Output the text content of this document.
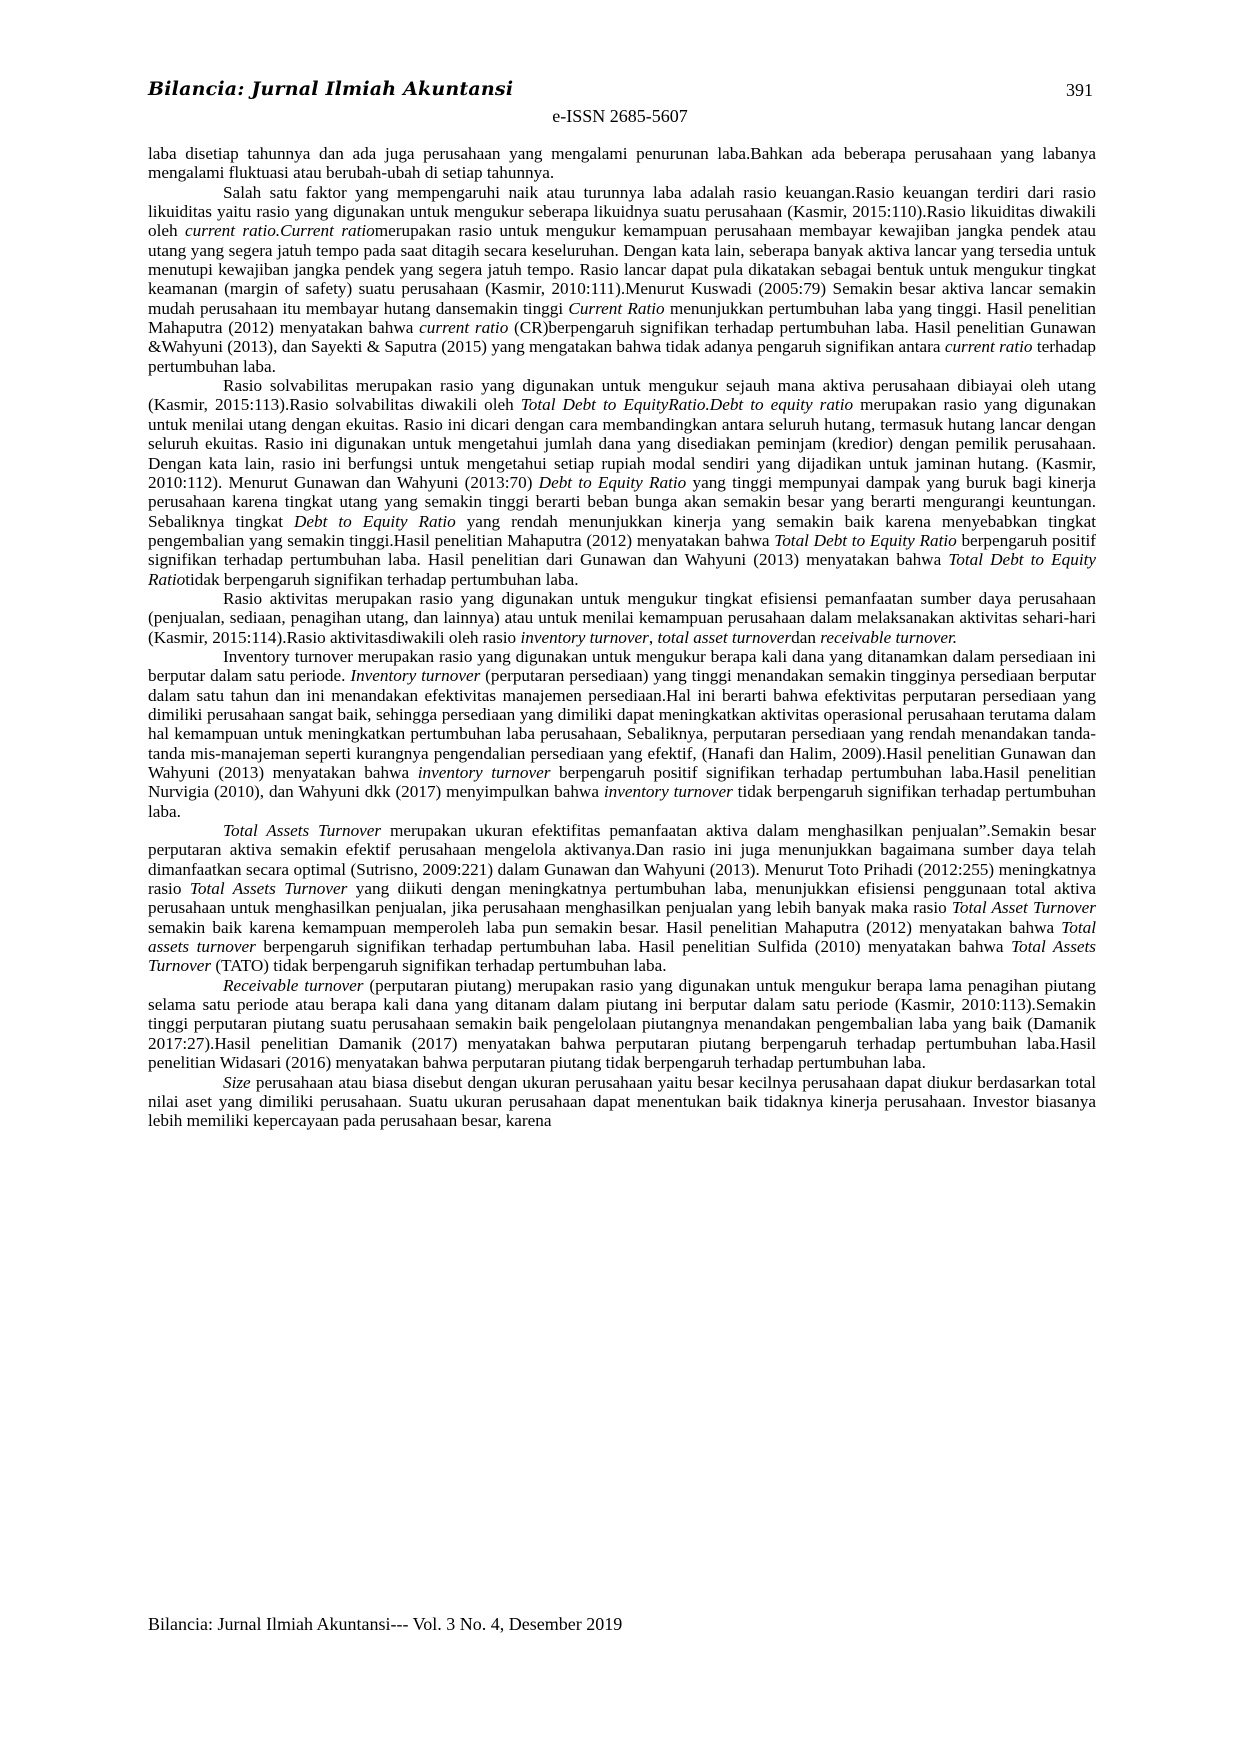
Bilancia: Jurnal Ilmiah Akuntansi	391
e-ISSN 2685-5607

laba disetiap tahunnya dan ada juga perusahaan yang mengalami penurunan laba.Bahkan ada beberapa perusahaan yang labanya mengalami fluktuasi atau berubah-ubah di setiap tahunnya.

Salah satu faktor yang mempengaruhi naik atau turunnya laba adalah rasio keuangan.Rasio keuangan terdiri dari rasio likuiditas yaitu rasio yang digunakan untuk mengukur seberapa likuidnya suatu perusahaan (Kasmir, 2015:110).Rasio likuiditas diwakili oleh current ratio.Current ratiomerupakan rasio untuk mengukur kemampuan perusahaan membayar kewajiban jangka pendek atau utang yang segera jatuh tempo pada saat ditagih secara keseluruhan. Dengan kata lain, seberapa banyak aktiva lancar yang tersedia untuk menutupi kewajiban jangka pendek yang segera jatuh tempo. Rasio lancar dapat pula dikatakan sebagai bentuk untuk mengukur tingkat keamanan (margin of safety) suatu perusahaan (Kasmir, 2010:111).Menurut Kuswadi (2005:79) Semakin besar aktiva lancar semakin mudah perusahaan itu membayar hutang dansemakin tinggi Current Ratio menunjukkan pertumbuhan laba yang tinggi. Hasil penelitian Mahaputra (2012) menyatakan bahwa current ratio (CR)berpengaruh signifikan terhadap pertumbuhan laba. Hasil penelitian Gunawan &Wahyuni (2013), dan Sayekti & Saputra (2015) yang mengatakan bahwa tidak adanya pengaruh signifikan antara current ratio terhadap pertumbuhan laba.

Rasio solvabilitas merupakan rasio yang digunakan untuk mengukur sejauh mana aktiva perusahaan dibiayai oleh utang (Kasmir, 2015:113).Rasio solvabilitas diwakili oleh Total Debt to EquityRatio.Debt to equity ratio merupakan rasio yang digunakan untuk menilai utang dengan ekuitas. Rasio ini dicari dengan cara membandingkan antara seluruh hutang, termasuk hutang lancar dengan seluruh ekuitas. Rasio ini digunakan untuk mengetahui jumlah dana yang disediakan peminjam (kredior) dengan pemilik perusahaan. Dengan kata lain, rasio ini berfungsi untuk mengetahui setiap rupiah modal sendiri yang dijadikan untuk jaminan hutang. (Kasmir, 2010:112). Menurut Gunawan dan Wahyuni (2013:70) Debt to Equity Ratio yang tinggi mempunyai dampak yang buruk bagi kinerja perusahaan karena tingkat utang yang semakin tinggi berarti beban bunga akan semakin besar yang berarti mengurangi keuntungan. Sebaliknya tingkat Debt to Equity Ratio yang rendah menunjukkan kinerja yang semakin baik karena menyebabkan tingkat pengembalian yang semakin tinggi.Hasil penelitian Mahaputra (2012) menyatakan bahwa Total Debt to Equity Ratio berpengaruh positif signifikan terhadap pertumbuhan laba. Hasil penelitian dari Gunawan dan Wahyuni (2013) menyatakan bahwa Total Debt to Equity Ratiotidak berpengaruh signifikan terhadap pertumbuhan laba.

Rasio aktivitas merupakan rasio yang digunakan untuk mengukur tingkat efisiensi pemanfaatan sumber daya perusahaan (penjualan, sediaan, penagihan utang, dan lainnya) atau untuk menilai kemampuan perusahaan dalam melaksanakan aktivitas sehari-hari (Kasmir, 2015:114).Rasio aktivitasdiwakili oleh rasio inventory turnover, total asset turnoverdan receivable turnover.

Inventory turnover merupakan rasio yang digunakan untuk mengukur berapa kali dana yang ditanamkan dalam persediaan ini berputar dalam satu periode. Inventory turnover (perputaran persediaan) yang tinggi menandakan semakin tingginya persediaan berputar dalam satu tahun dan ini menandakan efektivitas manajemen persediaan.Hal ini berarti bahwa efektivitas perputaran persediaan yang dimiliki perusahaan sangat baik, sehingga persediaan yang dimiliki dapat meningkatkan aktivitas operasional perusahaan terutama dalam hal kemampuan untuk meningkatkan pertumbuhan laba perusahaan, Sebaliknya, perputaran persediaan yang rendah menandakan tanda-tanda mis-manajeman seperti kurangnya pengendalian persediaan yang efektif, (Hanafi dan Halim, 2009).Hasil penelitian Gunawan dan Wahyuni (2013) menyatakan bahwa inventory turnover berpengaruh positif signifikan terhadap pertumbuhan laba.Hasil penelitian Nurvigia (2010), dan Wahyuni dkk (2017) menyimpulkan bahwa inventory turnover tidak berpengaruh signifikan terhadap pertumbuhan laba.

Total Assets Turnover merupakan ukuran efektifitas pemanfaatan aktiva dalam menghasilkan penjualan”.Semakin besar perputaran aktiva semakin efektif perusahaan mengelola aktivanya.Dan rasio ini juga menunjukkan bagaimana sumber daya telah dimanfaatkan secara optimal (Sutrisno, 2009:221) dalam Gunawan dan Wahyuni (2013). Menurut Toto Prihadi (2012:255) meningkatnya rasio Total Assets Turnover yang diikuti dengan meningkatnya pertumbuhan laba, menunjukkan efisiensi penggunaan total aktiva perusahaan untuk menghasilkan penjualan, jika perusahaan menghasilkan penjualan yang lebih banyak maka rasio Total Asset Turnover semakin baik karena kemampuan memperoleh laba pun semakin besar. Hasil penelitian Mahaputra (2012) menyatakan bahwa Total assets turnover berpengaruh signifikan terhadap pertumbuhan laba. Hasil penelitian Sulfida (2010) menyatakan bahwa Total Assets Turnover (TATO) tidak berpengaruh signifikan terhadap pertumbuhan laba.

Receivable turnover (perputaran piutang) merupakan rasio yang digunakan untuk mengukur berapa lama penagihan piutang selama satu periode atau berapa kali dana yang ditanam dalam piutang ini berputar dalam satu periode (Kasmir, 2010:113).Semakin tinggi perputaran piutang suatu perusahaan semakin baik pengelolaan piutangnya menandakan pengembalian laba yang baik (Damanik 2017:27).Hasil penelitian Damanik (2017) menyatakan bahwa perputaran piutang berpengaruh terhadap pertumbuhan laba.Hasil penelitian Widasari (2016) menyatakan bahwa perputaran piutang tidak berpengaruh terhadap pertumbuhan laba.

Size perusahaan atau biasa disebut dengan ukuran perusahaan yaitu besar kecilnya perusahaan dapat diukur berdasarkan total nilai aset yang dimiliki perusahaan. Suatu ukuran perusahaan dapat menentukan baik tidaknya kinerja perusahaan. Investor biasanya lebih memiliki kepercayaan pada perusahaan besar, karena

Bilancia: Jurnal Ilmiah Akuntansi--- Vol. 3 No. 4, Desember 2019
